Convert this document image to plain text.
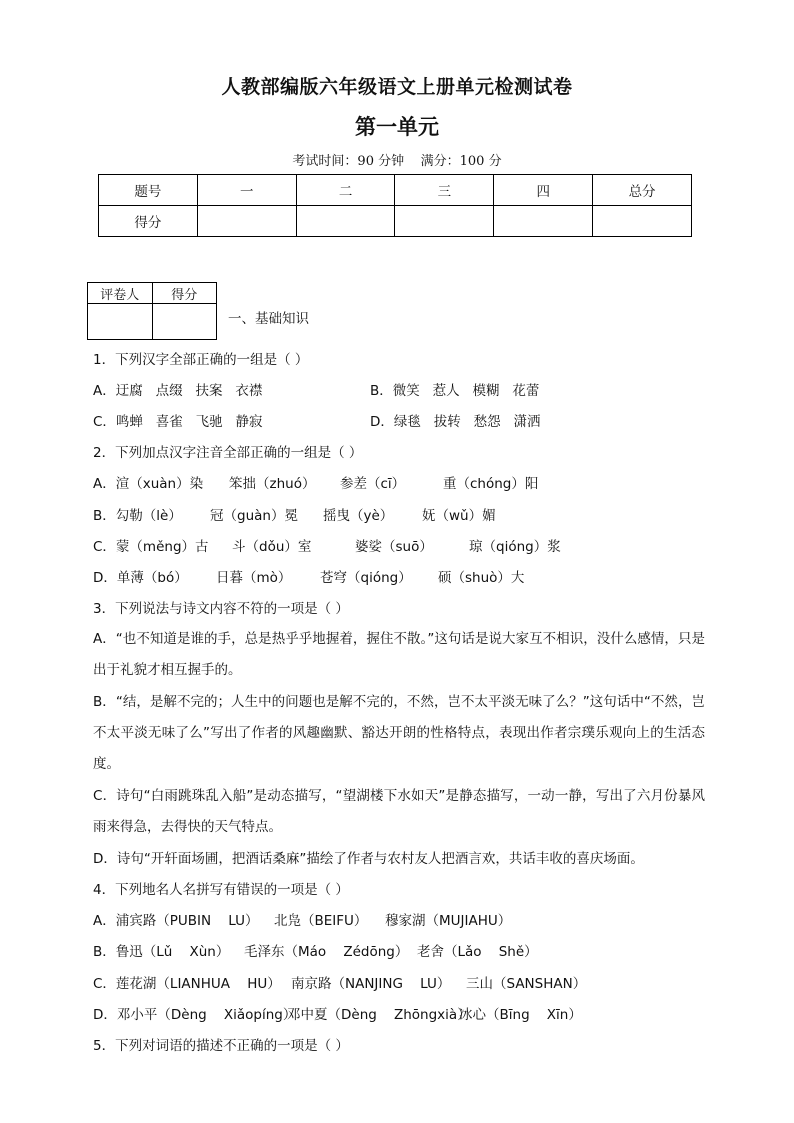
人教部编版六年级语文上册单元检测试卷
第一单元
考试时间：90 分钟    满分：100 分
题号	一	二	三	四	总分
得分					
评卷人	得分

一、基础知识
1．下列汉字全部正确的一组是（ ）
A．迂腐   点缀   扶案   衣襟	B．微笑   惹人   模糊   花蕾
C．鸣蝉   喜雀   飞驰   静寂	D．绿毯   拔转   愁怨   潇洒
2．下列加点汉字注音全部正确的一组是（ ）
A．渲（xuàn）染 笨拙（zhuó） 参差（cī）	重（chóng）阳
B．勾勒（lè） 冠（guàn）冕 摇曳（yè） 妩（wǔ）媚
C．蒙（měng）古 斗（dǒu）室	婆娑（suō）	琼（qióng）浆
D．单薄（bó） 日暮（mò） 苍穹（qióng） 硕（shuò）大
3．下列说法与诗文内容不符的一项是（ ）
A．“也不知道是谁的手，总是热乎乎地握着，握住不散。”这句话是说大家互不相识，没什么感情，只是出于礼貌才相互握手的。
B．“结，是解不完的；人生中的问题也是解不完的，不然，岂不太平淡无味了么？”这句话中“不然，岂不太平淡无味了么”写出了作者的风趣幽默、豁达开朗的性格特点，表现出作者宗璞乐观向上的生活态度。
C．诗句“白雨跳珠乱入船”是动态描写，“望湖楼下水如天”是静态描写，一动一静，写出了六月份暴风雨来得急，去得快的天气特点。
D．诗句“开轩面场圃，把酒话桑麻”描绘了作者与农村友人把酒言欢，共话丰收的喜庆场面。
4．下列地名人名拼写有错误的一项是（ ）
A．浦宾路（PUBIN    LU） 北凫（BEIFU） 穆家湖（MUJIAHU）
B．鲁迅（Lǔ    Xùn） 毛泽东（Máo    Zédōng） 老舍（Lǎo    Shě）
C．莲花湖（LIANHUA    HU） 南京路（NANJING    LU） 三山（SANSHAN）
D．邓小平（Dèng    Xiǎopíng）
邓中夏（Dèng    Zhōngxià）
冰心（Bīng    Xīn）
5．下列对词语的描述不正确的一项是（ ）
